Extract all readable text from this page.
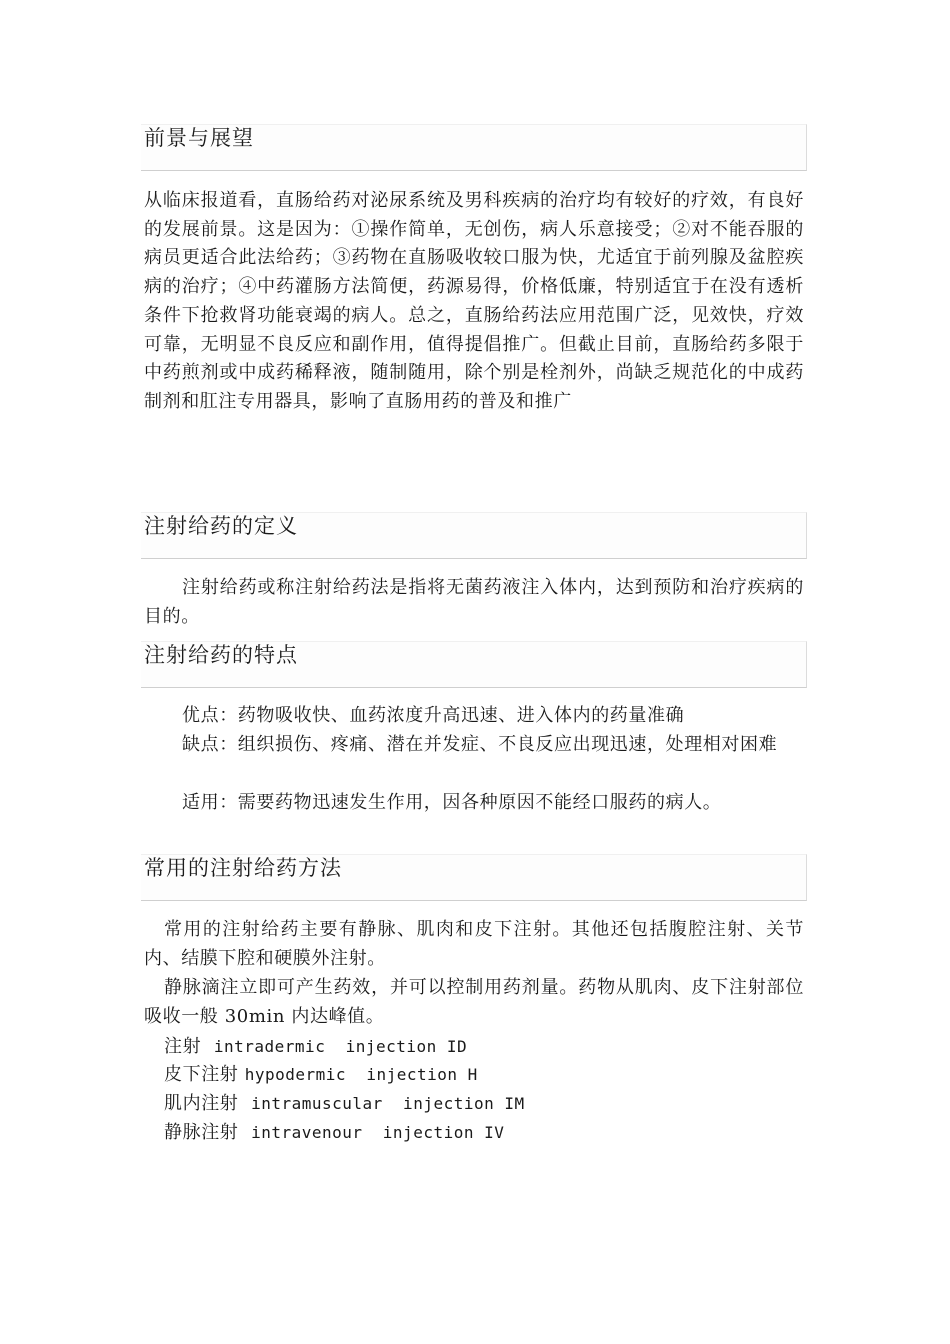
前景与展望

从临床报道看，直肠给药对泌尿系统及男科疾病的治疗均有较好的疗效，有良好的发展前景。这是因为：①操作简单，无创伤，病人乐意接受；②对不能吞服的病员更适合此法给药；③药物在直肠吸收较口服为快，尤适宜于前列腺及盆腔疾病的治疗；④中药灌肠方法简便，药源易得，价格低廉，特别适宜于在没有透析条件下抢救肾功能衰竭的病人。总之，直肠给药法应用范围广泛，见效快，疗效可靠，无明显不良反应和副作用，值得提倡推广。但截止目前，直肠给药多限于中药煎剂或中成药稀释液，随制随用，除个别是栓剂外，尚缺乏规范化的中成药制剂和肛注专用器具，影响了直肠用药的普及和推广

注射给药的定义

注射给药或称注射给药法是指将无菌药液注入体内，达到预防和治疗疾病的目的。

注射给药的特点

优点：药物吸收快、血药浓度升高迅速、进入体内的药量准确

缺点：组织损伤、疼痛、潜在并发症、不良反应出现迅速，处理相对困难

适用：需要药物迅速发生作用，因各种原因不能经口服药的病人。

常用的注射给药方法

常用的注射给药主要有静脉、肌肉和皮下注射。其他还包括腹腔注射、关节内、结膜下腔和硬膜外注射。

静脉滴注立即可产生药效，并可以控制用药剂量。药物从肌肉、皮下注射部位吸收一般 30min 内达峰值。

注射 intradermic  injection ID
皮下注射 hypodermic  injection H
肌内注射 intramuscular  injection IM
静脉注射 intravenour  injection IV
